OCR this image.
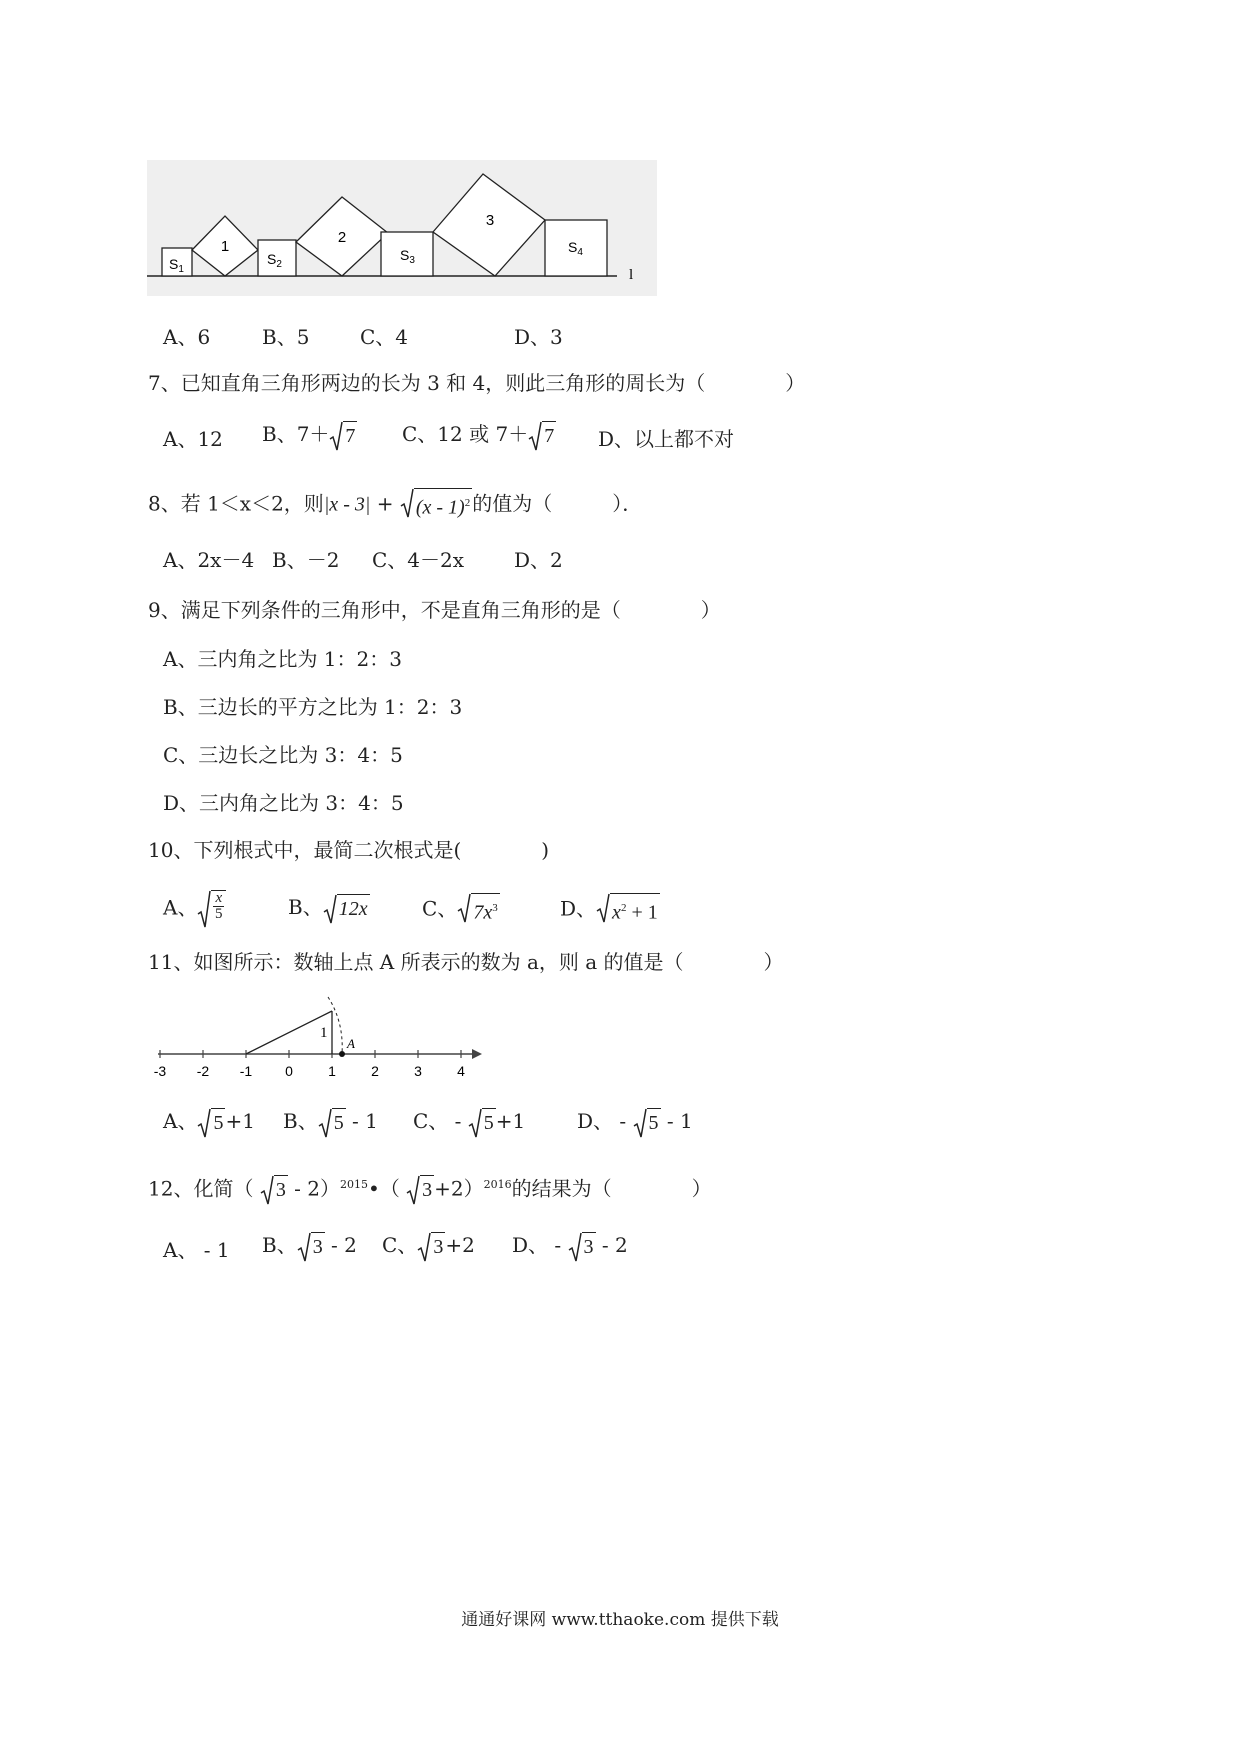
1
2
3
$S_1$
$S_2$
$S_3$
$S_4$
l
A、6	B、5	C、4	D、3
7、已知直角三角形两边的长为 3 和 4，则此三角形的周长为（　　　　）
A、12 B、7＋ 7 C、12 或 7＋ 7 D、以上都不对
8、若 1＜x＜2，则|x - 3| + (x - 1)$^2$ 的值为（　　　）．
A、2x－4 B、－2 C、4－2x D、2
9、满足下列条件的三角形中，不是直角三角形的是（　　　　）
A、三内角之比为 1：2：3
B、三边长的平方之比为 1：2：3
C、三边长之比为 3：4：5
D、三内角之比为 3：4：5
10、下列根式中，最简二次根式是(　　　　)
A、 $\frac{x}{5}$	B、 12x	C、 $7x^3$	D、 $x^2 + 1$
11、如图所示：数轴上点 A 所表示的数为 a，则 a 的值是（　　　　）
1
A
-3 -2 -1 0	1	2	3	4
A、 5 +1 B、 5 - 1 C、 - 5 +1	D、 - 5 - 1
12、化简（ 3 - 2）$^{2015}$•（ 3 +2）$^{2016}$的结果为（　　　　）
A、 - 1 B、 3 - 2 C、 3 +2 D、 - 3 - 2
通通好课网 www.tthaoke.com 提供下载
